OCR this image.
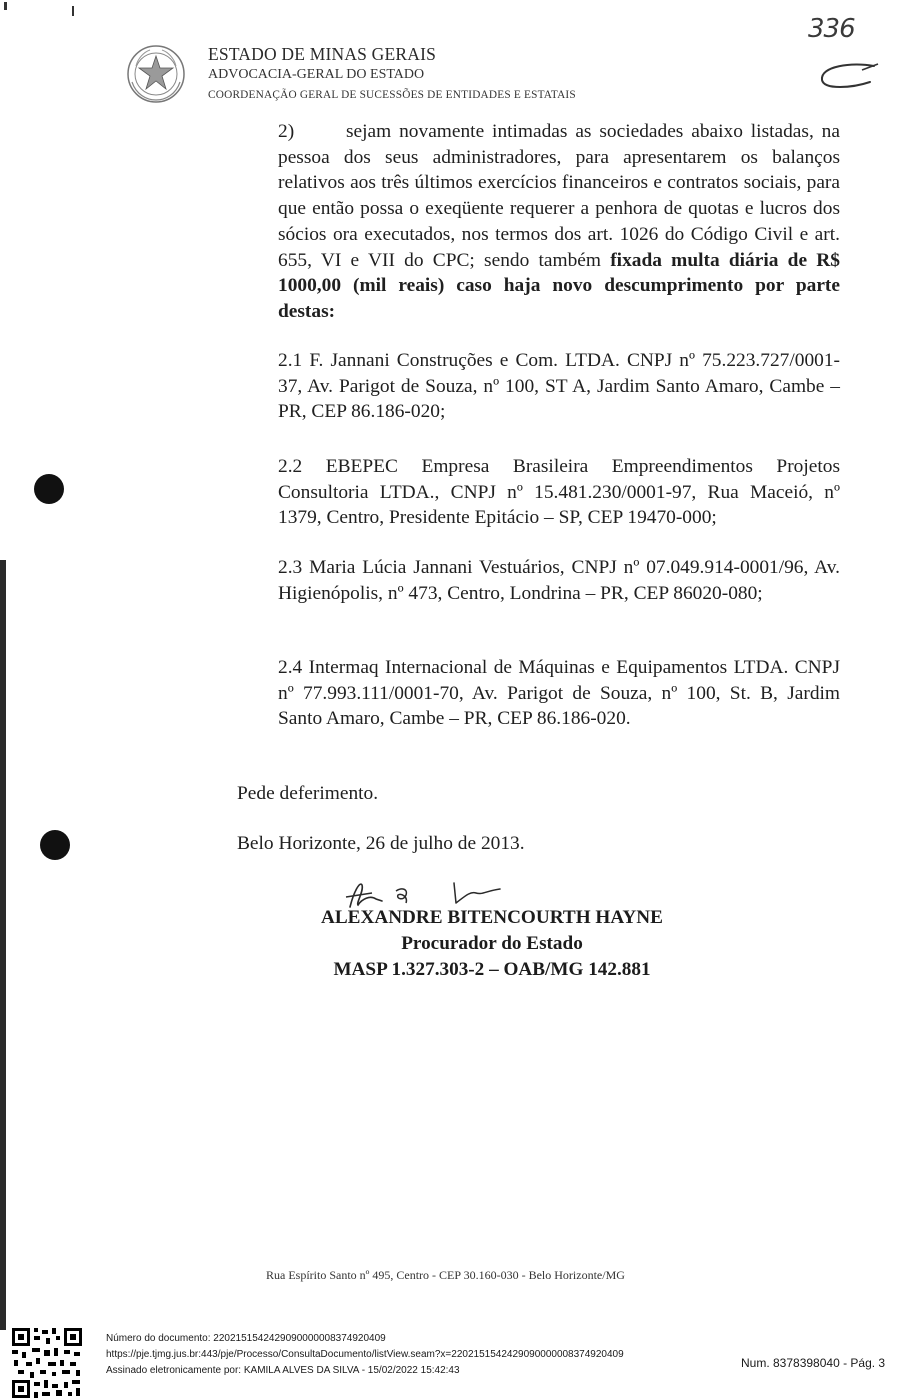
336
ESTADO DE MINAS GERAIS
ADVOCACIA-GERAL DO ESTADO
COORDENAÇÃO GERAL DE SUCESSÕES DE ENTIDADES E ESTATAIS
2)	sejam novamente intimadas as sociedades abaixo listadas, na pessoa dos seus administradores, para apresentarem os balanços relativos aos três últimos exercícios financeiros e contratos sociais, para que então possa o exeqüente requerer a penhora de quotas e lucros dos sócios ora executados, nos termos dos art. 1026 do Código Civil e art. 655, VI e VII do CPC; sendo também fixada multa diária de R$ 1000,00 (mil reais) caso haja novo descumprimento por parte destas:
2.1 F. Jannani Construções e Com. LTDA. CNPJ nº 75.223.727/0001-37, Av. Parigot de Souza, nº 100, ST A, Jardim Santo Amaro, Cambe – PR, CEP 86.186-020;
2.2 EBEPEC Empresa Brasileira Empreendimentos Projetos Consultoria LTDA., CNPJ nº 15.481.230/0001-97, Rua Maceió, nº 1379, Centro, Presidente Epitácio – SP, CEP 19470-000;
2.3 Maria Lúcia Jannani Vestuários, CNPJ nº 07.049.914-0001/96, Av. Higienópolis, nº 473, Centro, Londrina – PR, CEP 86020-080;
2.4 Intermaq Internacional de Máquinas e Equipamentos LTDA. CNPJ nº 77.993.111/0001-70, Av. Parigot de Souza, nº 100, St. B, Jardim Santo Amaro, Cambe – PR, CEP 86.186-020.
Pede deferimento.
Belo Horizonte, 26 de julho de 2013.
ALEXANDRE BITENCOURTH HAYNE
Procurador do Estado
MASP 1.327.303-2 – OAB/MG 142.881
Rua Espírito Santo nº 495, Centro - CEP 30.160-030 - Belo Horizonte/MG
Número do documento: 22021515424290900000083749204​09
https://pje.tjmg.jus.br:443/pje/Processo/ConsultaDocumento/listView.seam?x=22021515424290900000083749204​09
Assinado eletronicamente por: KAMILA ALVES DA SILVA - 15/02/2022 15:42:43
Num. 8378398040 - Pág. 3
